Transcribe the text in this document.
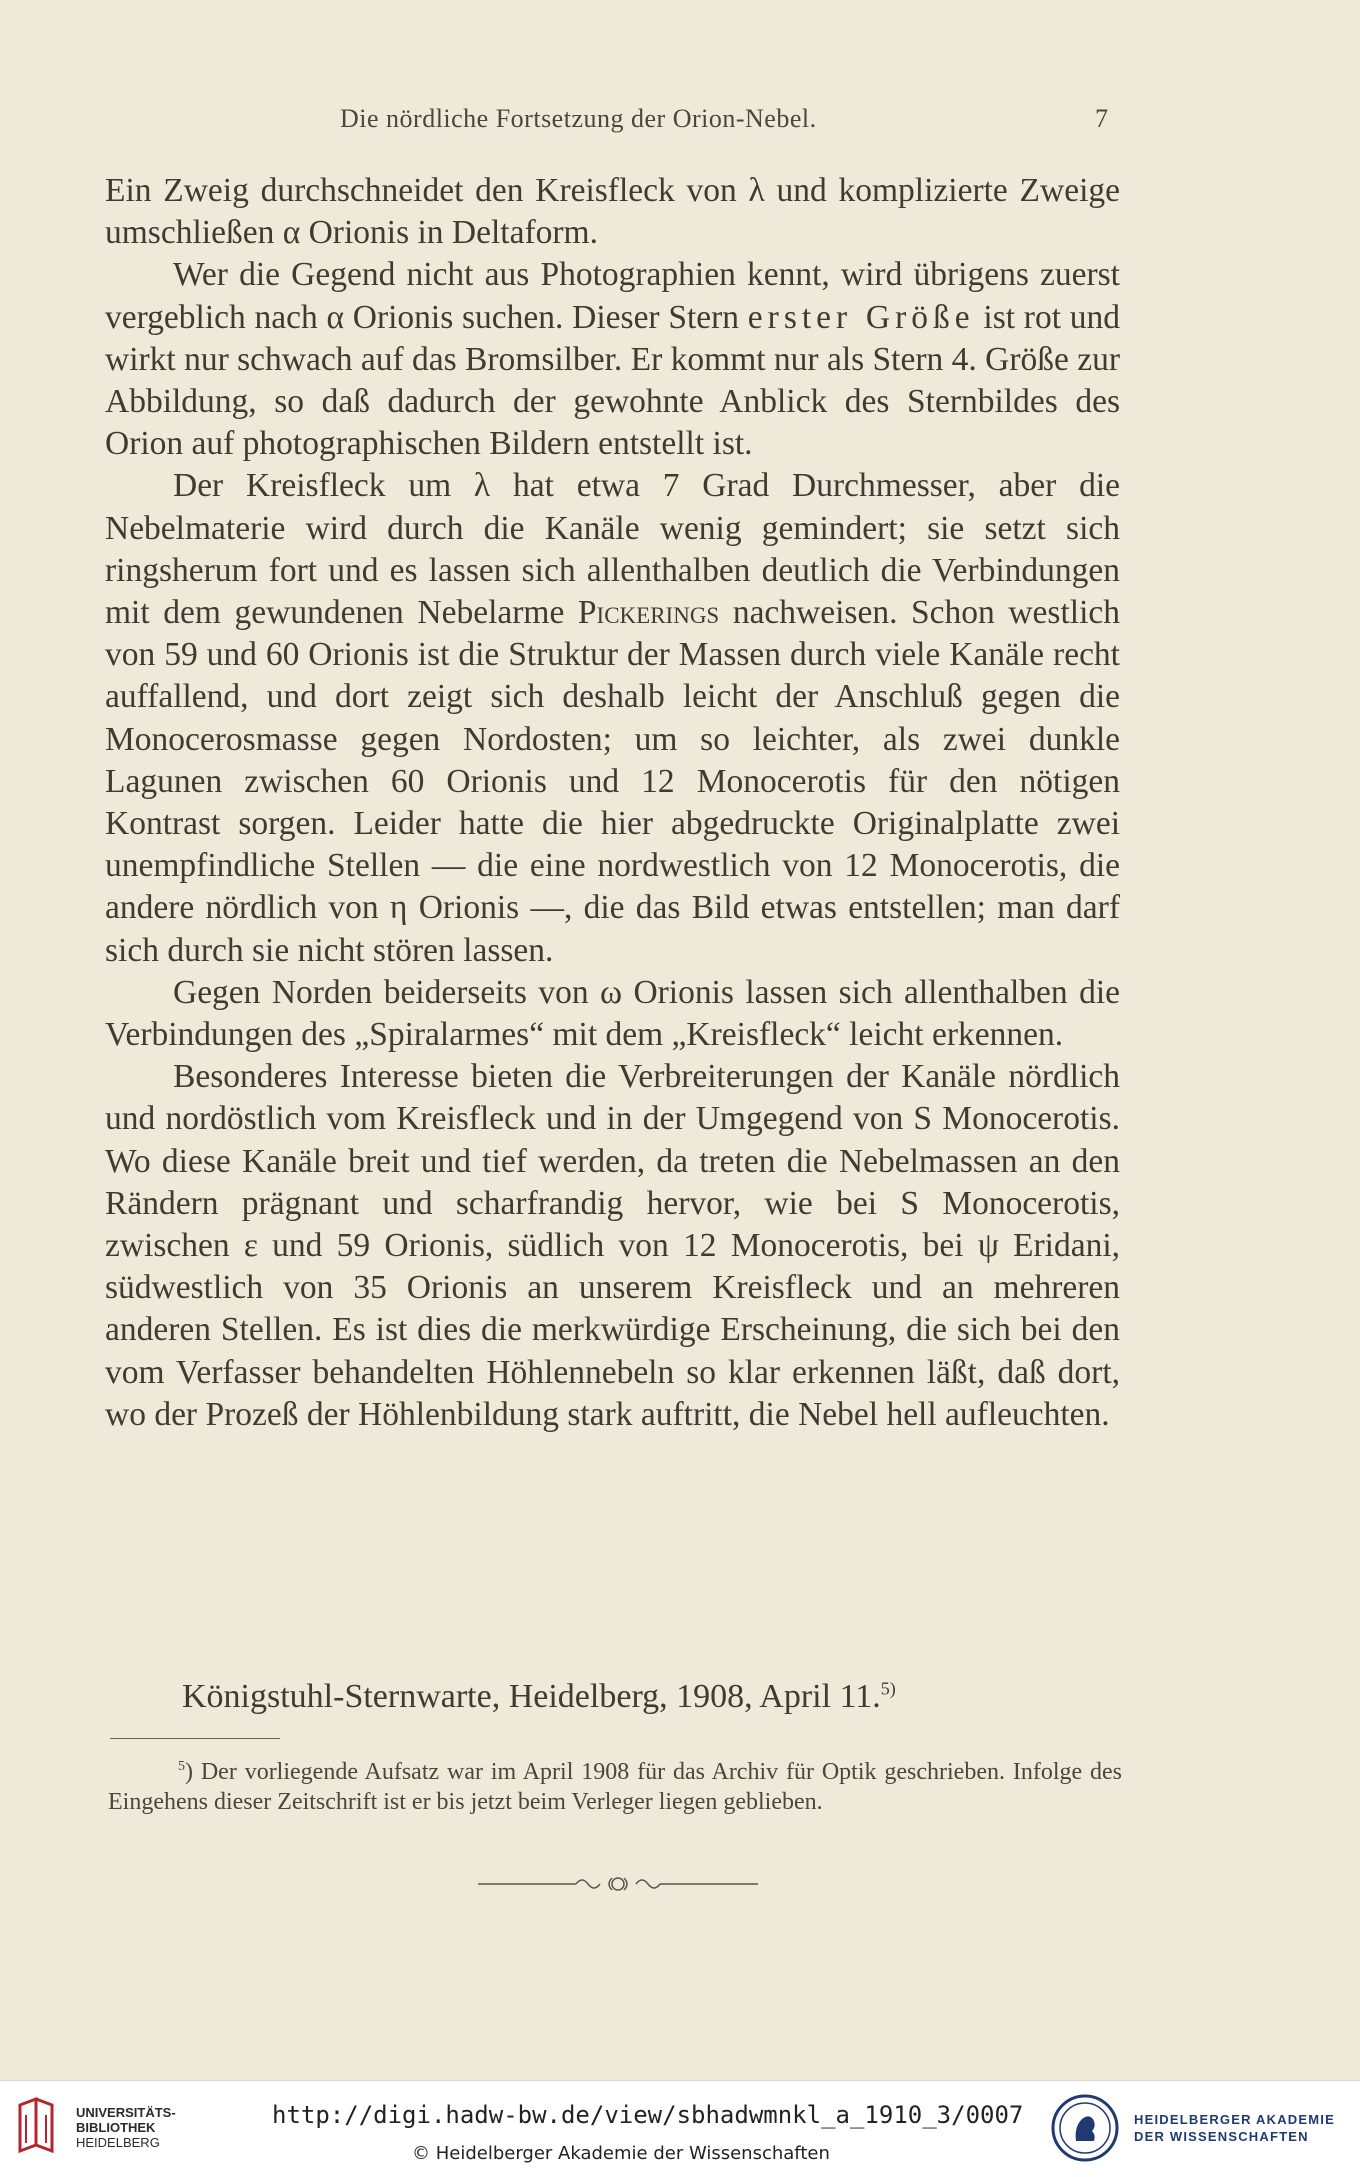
Die nördliche Fortsetzung der Orion-Nebel.	7

Ein Zweig durchschneidet den Kreisfleck von λ und komplizierte Zweige umschließen α Orionis in Deltaform.

Wer die Gegend nicht aus Photographien kennt, wird übrigens zuerst vergeblich nach α Orionis suchen. Dieser Stern erster Größe ist rot und wirkt nur schwach auf das Bromsilber. Er kommt nur als Stern 4. Größe zur Abbildung, so daß dadurch der gewohnte Anblick des Sternbildes des Orion auf photographischen Bildern entstellt ist.

Der Kreisfleck um λ hat etwa 7 Grad Durchmesser, aber die Nebelmaterie wird durch die Kanäle wenig gemindert; sie setzt sich ringsherum fort und es lassen sich allenthalben deutlich die Verbindungen mit dem gewundenen Nebelarme Pickerings nachweisen. Schon westlich von 59 und 60 Orionis ist die Struktur der Massen durch viele Kanäle recht auffallend, und dort zeigt sich deshalb leicht der Anschluß gegen die Monocerosmasse gegen Nordosten; um so leichter, als zwei dunkle Lagunen zwischen 60 Orionis und 12 Monocerotis für den nötigen Kontrast sorgen. Leider hatte die hier abgedruckte Originalplatte zwei unempfindliche Stellen — die eine nordwestlich von 12 Monocerotis, die andere nördlich von η Orionis —, die das Bild etwas entstellen; man darf sich durch sie nicht stören lassen.

Gegen Norden beiderseits von ω Orionis lassen sich allenthalben die Verbindungen des „Spiralarmes“ mit dem „Kreisfleck“ leicht erkennen.

Besonderes Interesse bieten die Verbreiterungen der Kanäle nördlich und nordöstlich vom Kreisfleck und in der Umgegend von S Monocerotis. Wo diese Kanäle breit und tief werden, da treten die Nebelmassen an den Rändern prägnant und scharfrandig hervor, wie bei S Monocerotis, zwischen ε und 59 Orionis, südlich von 12 Monocerotis, bei ψ Eridani, südwestlich von 35 Orionis an unserem Kreisfleck und an mehreren anderen Stellen. Es ist dies die merkwürdige Erscheinung, die sich bei den vom Verfasser behandelten Höhlennebeln so klar erkennen läßt, daß dort, wo der Prozeß der Höhlenbildung stark auftritt, die Nebel hell aufleuchten.

Königstuhl-Sternwarte, Heidelberg, 1908, April 11.$^{5)}$
$^5$) Der vorliegende Aufsatz war im April 1908 für das Archiv für Optik geschrieben. Infolge des Eingehens dieser Zeitschrift ist er bis jetzt beim Verleger liegen geblieben.
UNIVERSITÄTS-
BIBLIOTHEK
HEIDELBERG
http://digi.hadw-bw.de/view/sbhadwmnkl_a_1910_3/0007
© Heidelberger Akademie der Wissenschaften
HEIDELBERGER AKADEMIE
DER WISSENSCHAFTEN
